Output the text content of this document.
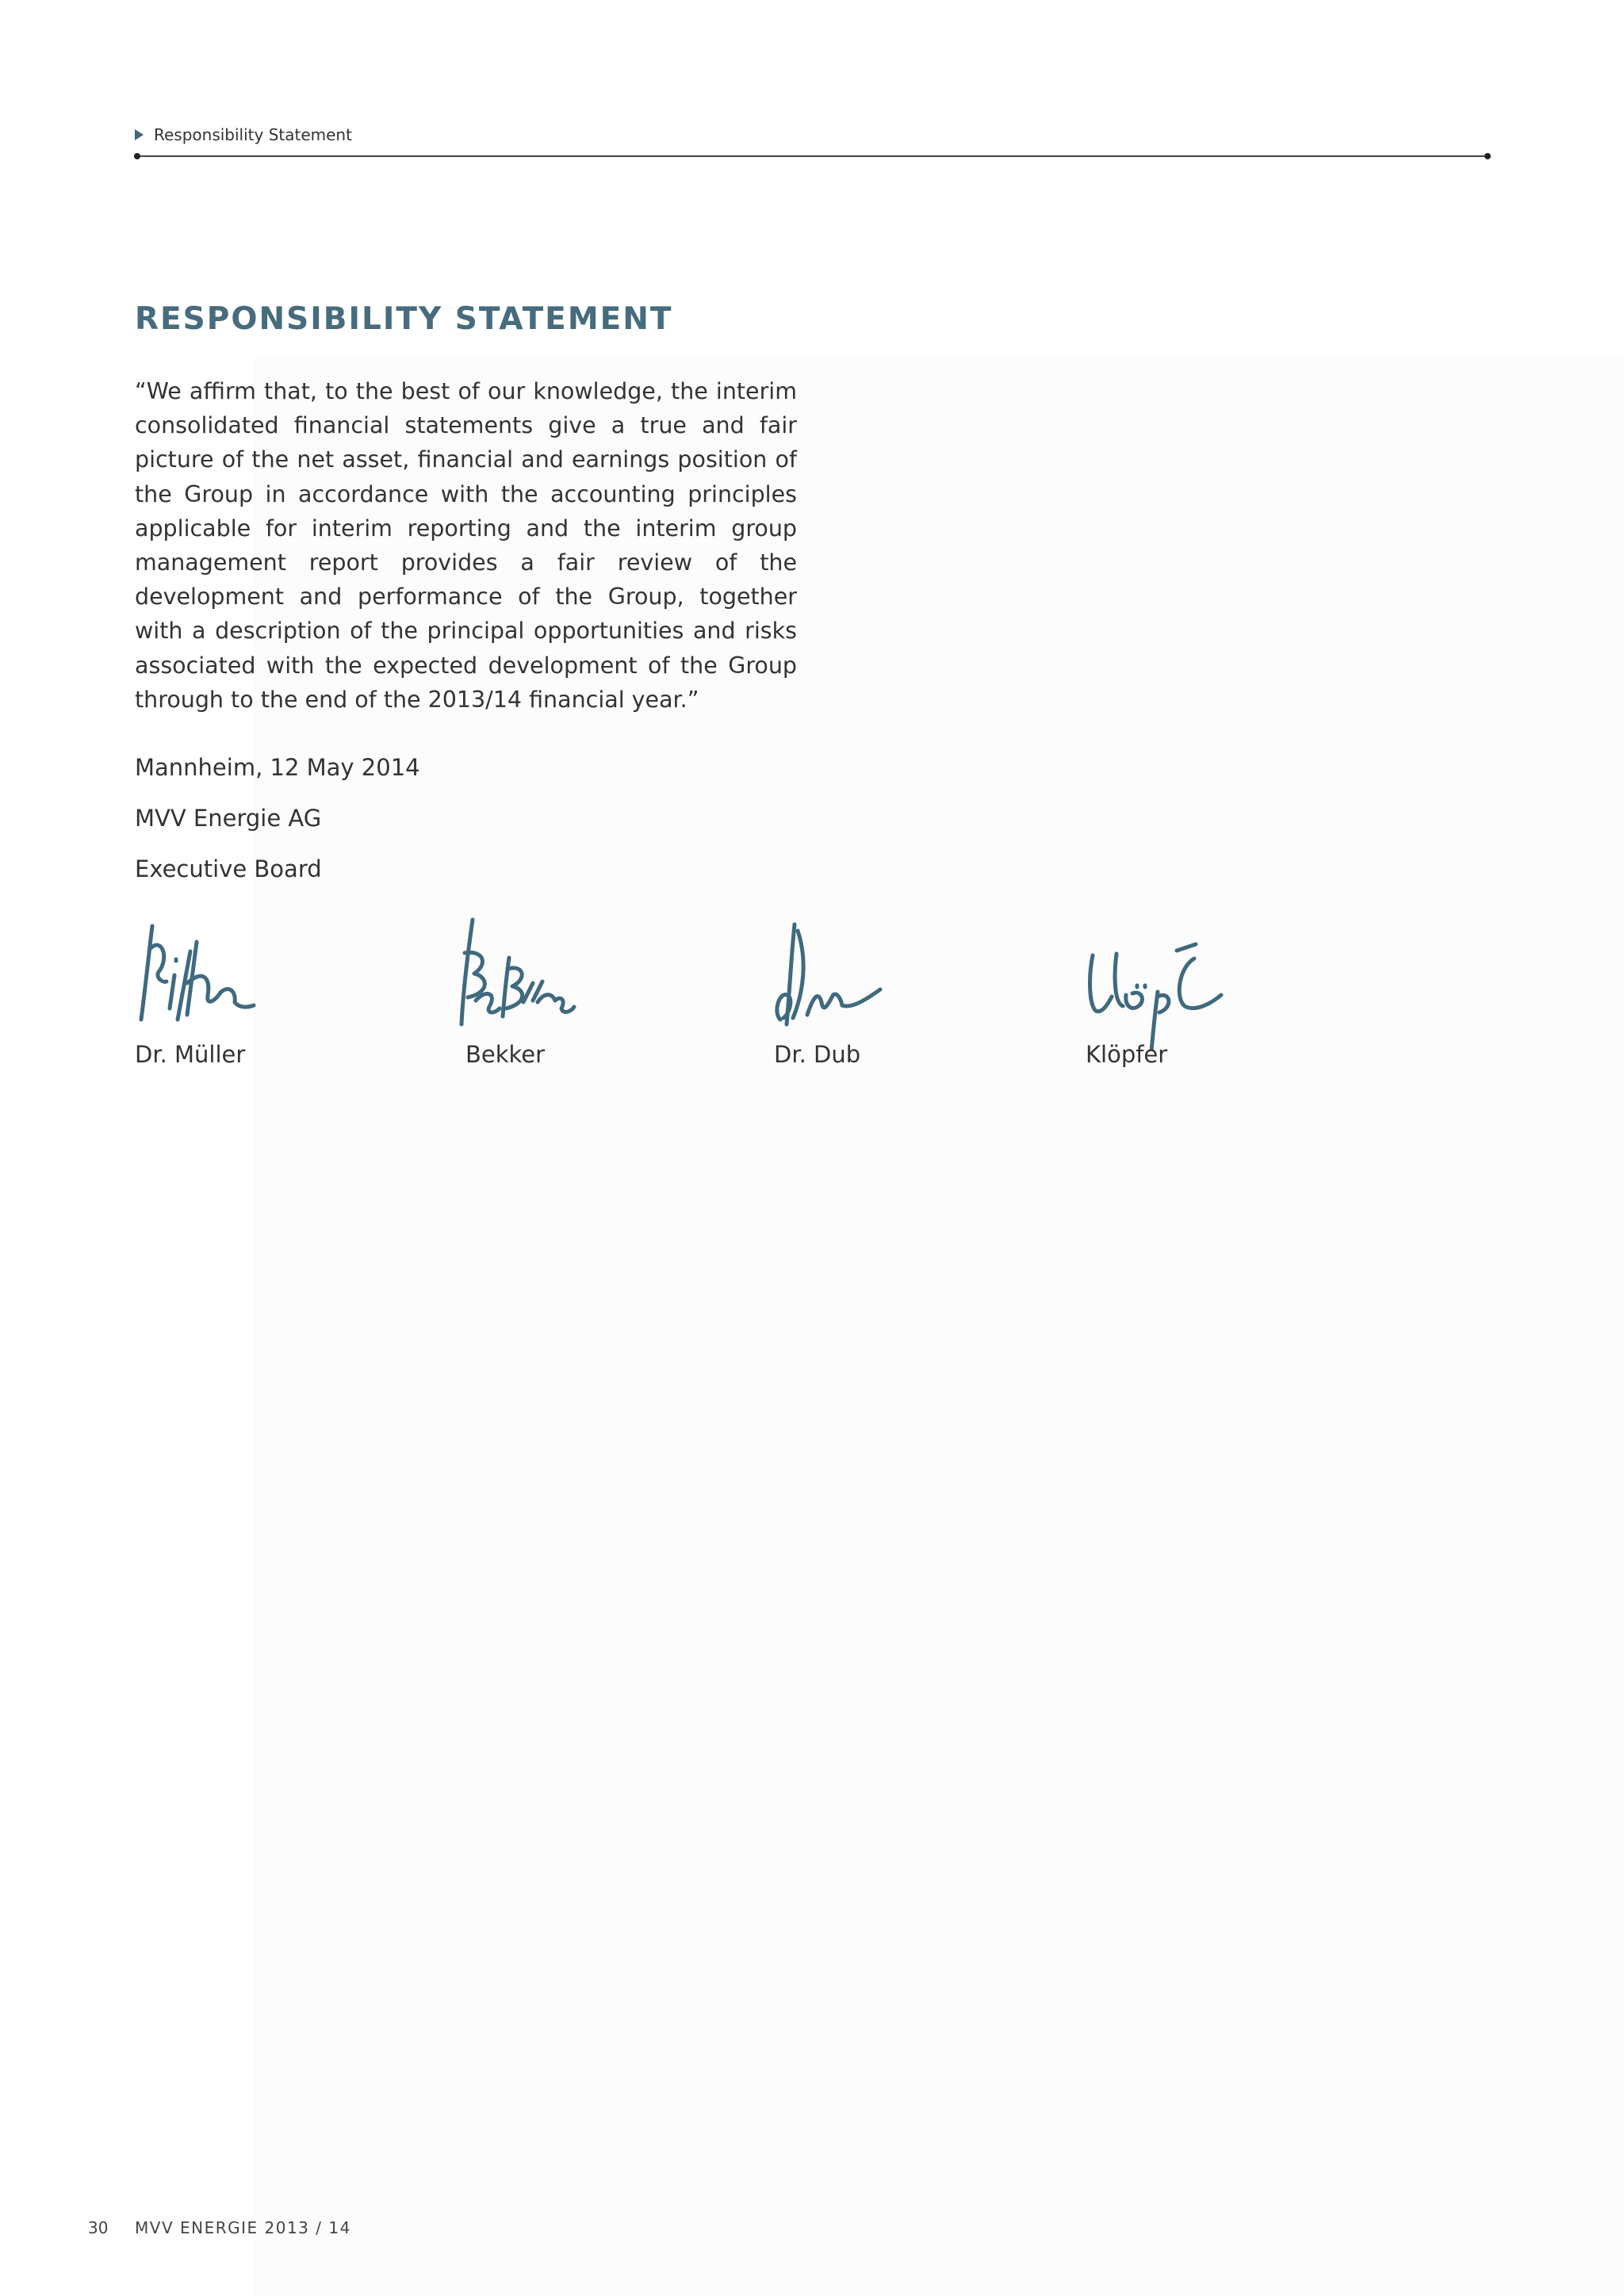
Responsibility Statement
RESPONSIBILITY STATEMENT

“We affirm that, to the best of our knowledge, the interim consolidated financial statements give a true and fair picture of the net asset, financial and earnings position of the Group in accordance with the accounting principles applicable for interim reporting and the interim group management report provides a fair review of the development and performance of the Group, together with a description of the principal opportunities and risks associated with the expected development of the Group through to the end of the 2013/14 financial year.”

Mannheim, 12 May 2014
MVV Energie AG
Executive Board
Dr. Müller	Bekker	Dr. Dub	Klöpfer
30 MVV ENERGIE 2013 / 14
